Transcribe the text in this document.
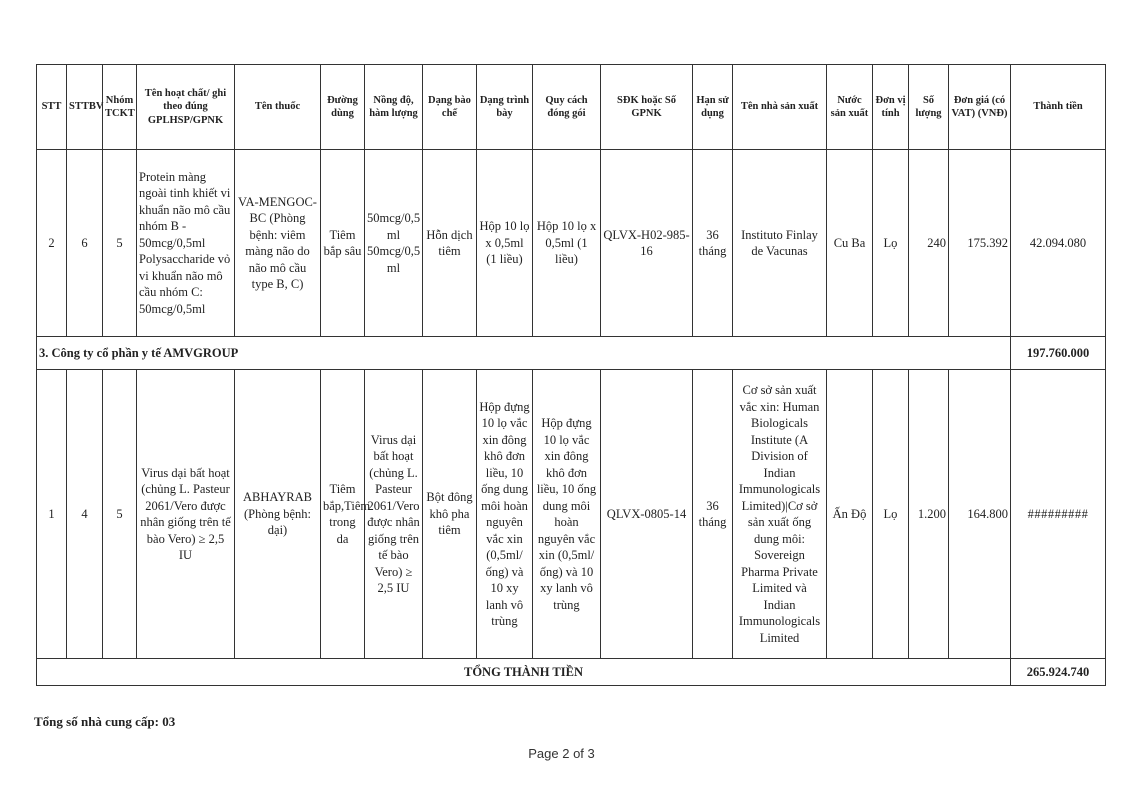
STT	STTBV	Nhóm TCKT	Tên hoạt chất/ ghi theo đúng GPLHSP/GPNK	Tên thuốc	Đường dùng	Nồng độ, hàm lượng	Dạng bào chế	Dạng trình bày	Quy cách đóng gói	SĐK hoặc Số GPNK	Hạn sử dụng	Tên nhà sản xuất	Nước sản xuất	Đơn vị tính	Số lượng	Đơn giá (có VAT) (VNĐ)	Thành tiền
2	6	5	Protein màng ngoài tinh khiết vi khuẩn não mô cầu nhóm B - 50mcg/0,5ml Polysaccharide vỏ vi khuẩn não mô cầu nhóm C: 50mcg/0,5ml	VA-MENGOC-BC (Phòng bệnh: viêm màng não do não mô cầu type B, C)	Tiêm bắp sâu	50mcg/0,5 ml 50mcg/0,5 ml	Hỗn dịch tiêm	Hộp 10 lọ x 0,5ml (1 liều)	Hộp 10 lọ x 0,5ml (1 liều)	QLVX-H02-985-16	36 tháng	Instituto Finlay de Vacunas	Cu Ba	Lọ	240	175.392	42.094.080
3. Công ty cổ phần y tế AMVGROUP																	197.760.000
1	4	5	Virus dại bất hoạt (chủng L. Pasteur 2061/Vero được nhân giống trên tế bào Vero) ≥ 2,5 IU	ABHAYRAB (Phòng bệnh: dại)	Tiêm bắp,Tiêm trong da	Virus dại bất hoạt (chủng L. Pasteur 2061/Vero được nhân giống trên tế bào Vero) ≥ 2,5 IU	Bột đông khô pha tiêm	Hộp đựng 10 lọ vắc xin đông khô đơn liều, 10 ống dung môi hoàn nguyên vắc xin (0,5ml/ống) và 10 xy lanh vô trùng	Hộp đựng 10 lọ vắc xin đông khô đơn liều, 10 ống dung môi hoàn nguyên vắc xin (0,5ml/ống) và 10 xy lanh vô trùng	QLVX-0805-14	36 tháng	Cơ sở sản xuất vắc xin: Human Biologicals Institute (A Division of Indian Immunologicals Limited)|Cơ sở sản xuất ống dung môi: Sovereign Pharma Private Limited và Indian Immunologicals Limited	Ấn Độ	Lọ	1.200	164.800	#########
TỔNG THÀNH TIỀN																	265.924.740
Tổng số nhà cung cấp: 03
Page 2 of 3
